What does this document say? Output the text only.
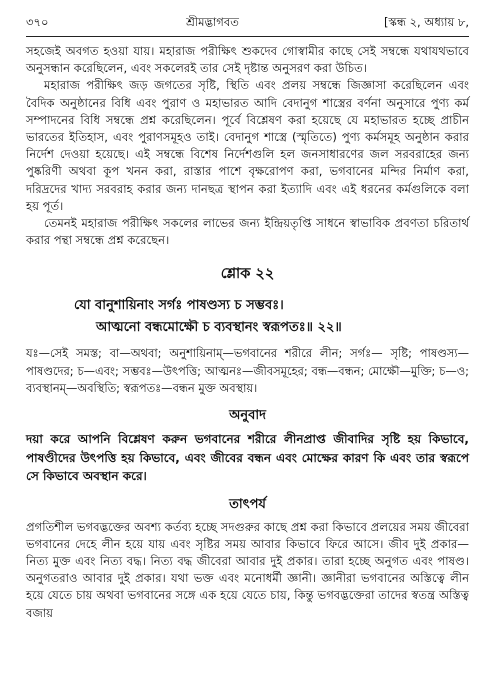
৩৭০	শ্রীমদ্ভাগবত	[স্কন্ধ ২, অধ্যায় ৮,

সহজেই অবগত হওয়া যায়। মহারাজ পরীক্ষিৎ শুকদেব গোস্বামীর কাছে সেই সম্বন্ধে যথাযথভাবে অনুসন্ধান করেছিলেন, এবং সকলেরই তার সেই দৃষ্টান্ত অনুসরণ করা উচিত।

মহারাজ পরীক্ষিৎ জড় জগতের সৃষ্টি, স্থিতি এবং প্রলয় সম্বন্ধে জিজ্ঞাসা করেছিলেন এবং বৈদিক অনুষ্ঠানের বিধি এবং পুরাণ ও মহাভারত আদি বেদানুগ শাস্ত্রের বর্ণনা অনুসারে পুণ্য কর্ম সম্পাদনের বিধি সম্বন্ধে প্রশ্ন করেছিলেন। পূর্বে বিশ্লেষণ করা হয়েছে যে মহাভারত হচ্ছে প্রাচীন ভারতের ইতিহাস, এবং পুরাণসমূহও তাই। বেদানুগ শাস্ত্রে (স্মৃতিতে) পুণ্য কর্মসমূহ অনুষ্ঠান করার নির্দেশ দেওয়া হয়েছে। এই সম্বন্ধে বিশেষ নির্দেশগুলি হল জনসাধারণের জল সরবরাহের জন্য পুষ্করিণী অথবা কূপ খনন করা, রাস্তার পাশে বৃক্ষরোপণ করা, ভগবানের মন্দির নির্মাণ করা, দরিদ্রদের খাদ্য সরবরাহ করার জন্য দানছত্র স্থাপন করা ইত্যাদি এবং এই ধরনের কর্মগুলিকে বলা হয় পূর্ত।

তেমনই মহারাজ পরীক্ষিৎ সকলের লাভের জন্য ইন্দ্রিয়তৃপ্তি সাধনে স্বাভাবিক প্রবণতা চরিতার্থ করার পন্থা সম্বন্ধে প্রশ্ন করেছেন।

শ্লোক ২২
যো বানুশায়িনাং সর্গঃ পাষণ্ডস্য চ সম্ভবঃ।
আত্মনো বন্ধমোক্ষৌ চ ব্যবস্থানং স্বরূপতঃ॥ ২২॥

যঃ—সেই সমস্ত; বা—অথবা; অনুশায়িনাম্—ভগবানের শরীরে লীন; সর্গঃ— সৃষ্টি; পাষণ্ডস্য—পাষণ্ডদের; চ—এবং; সম্ভবঃ—উৎপত্তি; আত্মনঃ—জীবসমূহের; বন্ধ—বন্ধন; মোক্ষৌ—মুক্তি; চ—ও; ব্যবস্থানম্—অবস্থিতি; স্বরূপতঃ—বন্ধন মুক্ত অবস্থায়।

অনুবাদ

দয়া করে আপনি বিশ্লেষণ করুন ভগবানের শরীরে লীনপ্রাপ্ত জীবাদির সৃষ্টি হয় কিভাবে, পাষণ্ডীদের উৎপত্তি হয় কিভাবে, এবং জীবের বন্ধন এবং মোক্ষের কারণ কি এবং তার স্বরূপে সে কিভাবে অবস্থান করে।

তাৎপর্য

প্রগতিশীল ভগবদ্ভক্তের অবশ্য কর্তব্য হচ্ছে সদগুরুর কাছে প্রশ্ন করা কিভাবে প্রলয়ের সময় জীবেরা ভগবানের দেহে লীন হয়ে যায় এবং সৃষ্টির সময় আবার কিভাবে ফিরে আসে। জীব দুই প্রকার—নিত্য মুক্ত এবং নিত্য বদ্ধ। নিত্য বদ্ধ জীবেরা আবার দুই প্রকার। তারা হচ্ছে অনুগত এবং পাষণ্ড। অনুগতরাও আবার দুই প্রকার। যথা ভক্ত এবং মনোধর্মী জ্ঞানী। জ্ঞানীরা ভগবানের অস্তিত্বে লীন হয়ে যেতে চায় অথবা ভগবানের সঙ্গে এক হয়ে যেতে চায়, কিন্তু ভগবদ্ভক্তেরা তাদের স্বতন্ত্র অস্তিত্ব বজায়
